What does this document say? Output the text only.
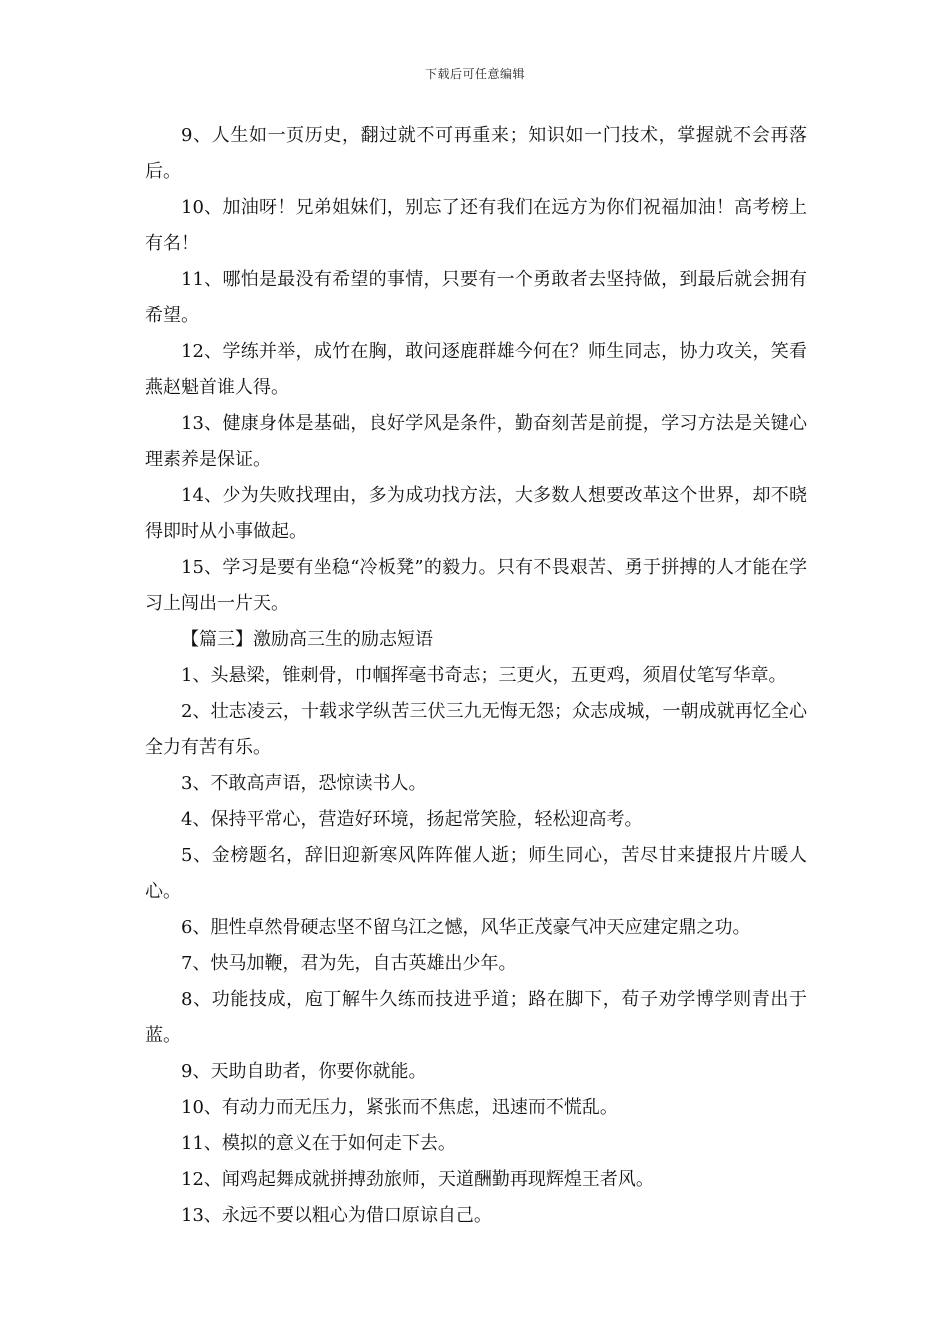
下载后可任意编辑

9、人生如一页历史，翻过就不可再重来；知识如一门技术，掌握就不会再落后。

10、加油呀！兄弟姐妹们，别忘了还有我们在远方为你们祝福加油！高考榜上有名！

11、哪怕是最没有希望的事情，只要有一个勇敢者去坚持做，到最后就会拥有希望。

12、学练并举，成竹在胸，敢问逐鹿群雄今何在？师生同志，协力攻关，笑看燕赵魁首谁人得。

13、健康身体是基础，良好学风是条件，勤奋刻苦是前提，学习方法是关键心理素养是保证。

14、少为失败找理由，多为成功找方法，大多数人想要改革这个世界，却不晓得即时从小事做起。

15、学习是要有坐稳“冷板凳”的毅力。只有不畏艰苦、勇于拼搏的人才能在学习上闯出一片天。

【篇三】激励高三生的励志短语

1、头悬梁，锥刺骨，巾帼挥毫书奇志；三更火，五更鸡，须眉仗笔写华章。

2、壮志凌云，十载求学纵苦三伏三九无悔无怨；众志成城，一朝成就再忆全心全力有苦有乐。

3、不敢高声语，恐惊读书人。

4、保持平常心，营造好环境，扬起常笑脸，轻松迎高考。

5、金榜题名，辞旧迎新寒风阵阵催人逝；师生同心，苦尽甘来捷报片片暖人心。

6、胆性卓然骨硬志坚不留乌江之憾，风华正茂豪气冲天应建定鼎之功。

7、快马加鞭，君为先，自古英雄出少年。

8、功能技成，庖丁解牛久练而技进乎道；路在脚下，荀子劝学博学则青出于蓝。

9、天助自助者，你要你就能。

10、有动力而无压力，紧张而不焦虑，迅速而不慌乱。

11、模拟的意义在于如何走下去。

12、闻鸡起舞成就拼搏劲旅师，天道酬勤再现辉煌王者风。

13、永远不要以粗心为借口原谅自己。
